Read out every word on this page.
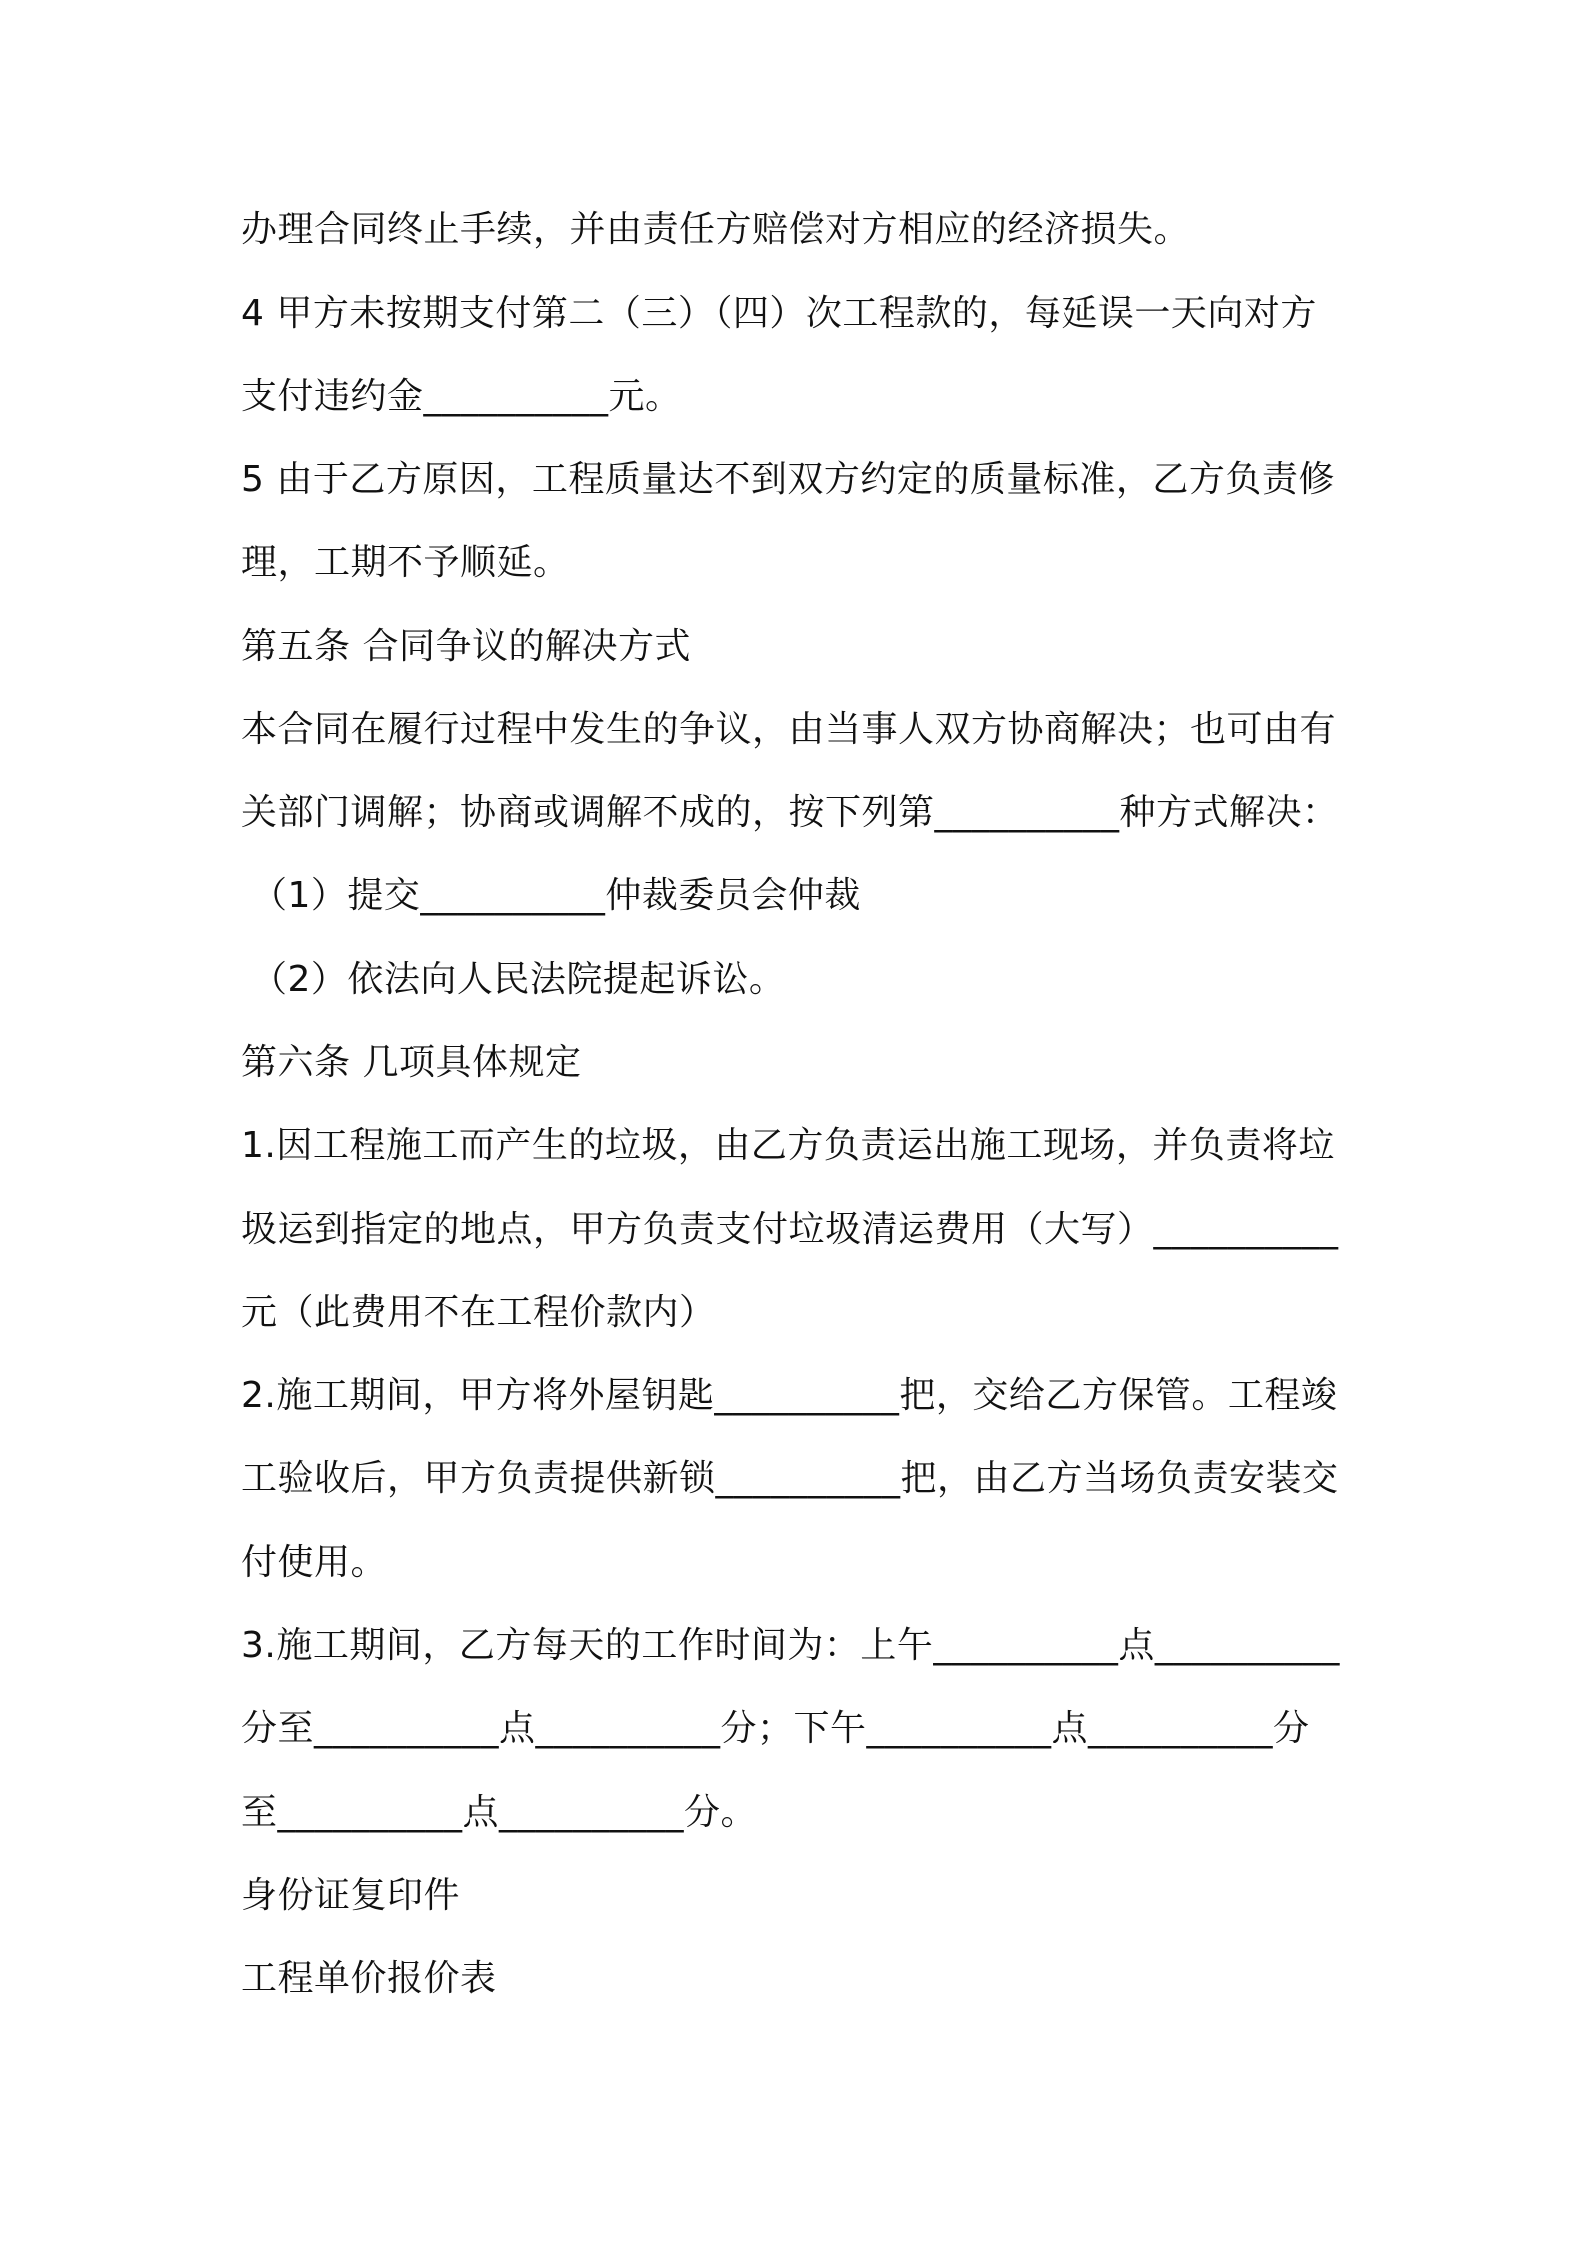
办理合同终止手续，并由责任方赔偿对方相应的经济损失。
4 甲方未按期支付第二（三）（四）次工程款的，每延误一天向对方
支付违约金__________元。
5 由于乙方原因，工程质量达不到双方约定的质量标准，乙方负责修
理，工期不予顺延。
第五条 合同争议的解决方式
本合同在履行过程中发生的争议，由当事人双方协商解决；也可由有
关部门调解；协商或调解不成的，按下列第__________种方式解决：
（1）提交__________仲裁委员会仲裁
（2）依法向人民法院提起诉讼。
第六条 几项具体规定
1.因工程施工而产生的垃圾，由乙方负责运出施工现场，并负责将垃
圾运到指定的地点，甲方负责支付垃圾清运费用（大写）__________
元（此费用不在工程价款内）
2.施工期间，甲方将外屋钥匙__________把，交给乙方保管。工程竣
工验收后，甲方负责提供新锁__________把，由乙方当场负责安装交
付使用。
3.施工期间，乙方每天的工作时间为：上午__________点__________
分至__________点__________分；下午__________点__________分
至__________点__________分。
身份证复印件
工程单价报价表
